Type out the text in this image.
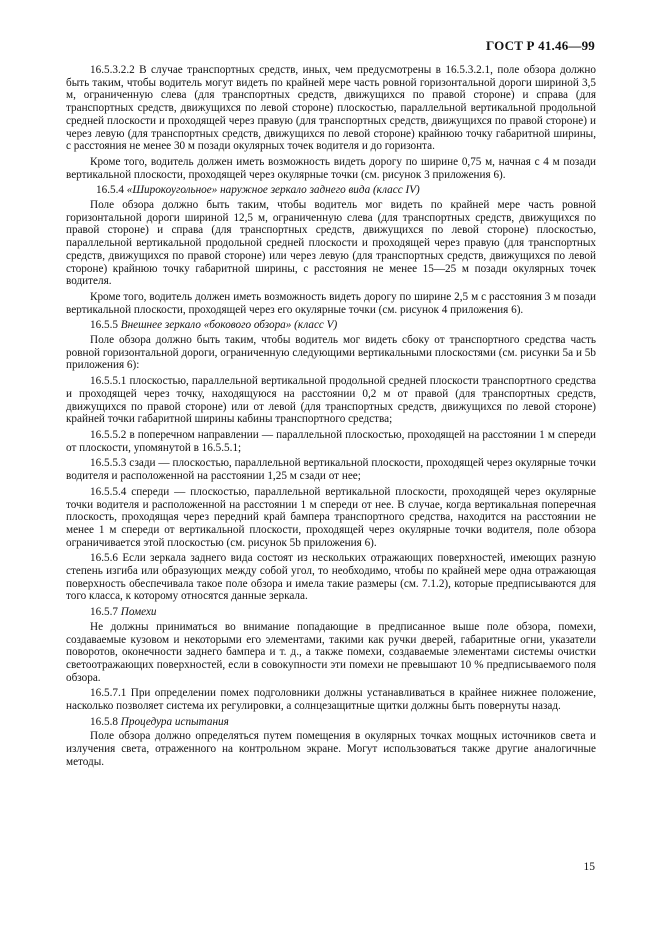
ГОСТ Р 41.46—99

16.5.3.2.2 В случае транспортных средств, иных, чем предусмотрены в 16.5.3.2.1, поле обзора должно быть таким, чтобы водитель могут видеть по крайней мере часть ровной горизонтальной дороги шириной 3,5 м, ограниченную слева (для транспортных средств, движущихся по правой стороне) и справа (для транспортных средств, движущихся по левой стороне) плоскостью, параллельной вертикальной продольной средней плоскости и проходящей через правую (для транспортных средств, движущихся по правой стороне) и через левую (для транспортных средств, движущихся по левой стороне) крайнюю точку габаритной ширины, с расстояния не менее 30 м позади окулярных точек водителя и до горизонта.

Кроме того, водитель должен иметь возможность видеть дорогу по ширине 0,75 м, начная с 4 м позади вертикальной плоскости, проходящей через окулярные точки (см. рисунок 3 приложения 6).

16.5.4 «Широкоугольное» наружное зеркало заднего вида (класс IV)

Поле обзора должно быть таким, чтобы водитель мог видеть по крайней мере часть ровной горизонтальной дороги шириной 12,5 м, ограниченную слева (для транспортных средств, движущихся по правой стороне) и справа (для транспортных средств, движущихся по левой стороне) плоскостью, параллельной вертикальной продольной средней плоскости и проходящей через правую (для транспортных средств, движущихся по правой стороне) или через левую (для транспортных средств, движущихся по левой стороне) крайнюю точку габаритной ширины, с расстояния не менее 15—25 м позади окулярных точек водителя.

Кроме того, водитель должен иметь возможность видеть дорогу по ширине 2,5 м с расстояния 3 м позади вертикальной плоскости, проходящей через его окулярные точки (см. рисунок 4 приложения 6).

16.5.5 Внешнее зеркало «бокового обзора» (класс V)

Поле обзора должно быть таким, чтобы водитель мог видеть сбоку от транспортного средства часть ровной горизонтальной дороги, ограниченную следующими вертикальными плоскостями (см. рисунки 5a и 5b приложения 6):

16.5.5.1 плоскостью, параллельной вертикальной продольной средней плоскости транспортного средства и проходящей через точку, находящуюся на расстоянии 0,2 м от правой (для транспортных средств, движущихся по правой стороне) или от левой (для транспортных средств, движущихся по левой стороне) крайней точки габаритной ширины кабины транспортного средства;

16.5.5.2 в поперечном направлении — параллельной плоскостью, проходящей на расстоянии 1 м спереди от плоскости, упомянутой в 16.5.5.1;

16.5.5.3 сзади — плоскостью, параллельной вертикальной плоскости, проходящей через окулярные точки водителя и расположенной на расстоянии 1,25 м сзади от нее;

16.5.5.4 спереди — плоскостью, параллельной вертикальной плоскости, проходящей через окулярные точки водителя и расположенной на расстоянии 1 м спереди от нее. В случае, когда вертикальная поперечная плоскость, проходящая через передний край бампера транспортного средства, находится на расстоянии не менее 1 м спереди от вертикальной плоскости, проходящей через окулярные точки водителя, поле обзора ограничивается этой плоскостью (см. рисунок 5b приложения 6).

16.5.6 Если зеркала заднего вида состоят из нескольких отражающих поверхностей, имеющих разную степень изгиба или образующих между собой угол, то необходимо, чтобы по крайней мере одна отражающая поверхность обеспечивала такое поле обзора и имела такие размеры (см. 7.1.2), которые предписываются для того класса, к которому относятся данные зеркала.

16.5.7 Помехи

Не должны приниматься во внимание попадающие в предписанное выше поле обзора, помехи, создаваемые кузовом и некоторыми его элементами, такими как ручки дверей, габаритные огни, указатели поворотов, оконечности заднего бампера и т. д., а также помехи, создаваемые элементами системы очистки светоотражающих поверхностей, если в совокупности эти помехи не превышают 10 % предписываемого поля обзора.

16.5.7.1 При определении помех подголовники должны устанавливаться в крайнее нижнее положение, насколько позволяет система их регулировки, а солнцезащитные щитки должны быть повернуты назад.

16.5.8 Процедура испытания

Поле обзора должно определяться путем помещения в окулярных точках мощных источников света и излучения света, отраженного на контрольном экране. Могут использоваться также другие аналогичные методы.

15
